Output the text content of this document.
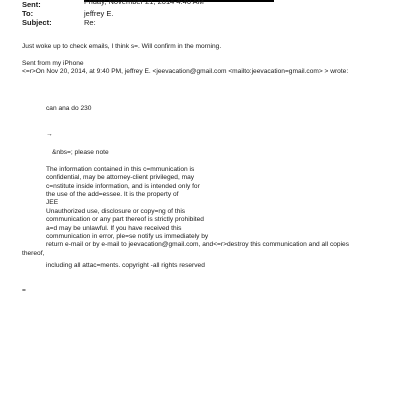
Sent:	Friday, November 21, 2014 4:40 AM
To:	jeffrey E.
Subject:	Re:
Just woke up to check emails, I think s=. Will confirm in the morning.
Sent from my iPhone
<=r>On Nov 20, 2014, at 9:40 PM, jeffrey E. <jeevacation@gmail.com <mailto:jeevacation=gmail.com> > wrote:
can ana do 230
→
&nbs=; please note
The information contained in this c=mmunication is
confidential, may be attorney-client privileged, may
c=nstitute inside information, and is intended only for
the use of the add=essee. It is the property of
JEE
Unauthorized use, disclosure or copy=ng of this
communication or any part thereof is strictly prohibited
a=d may be unlawful. If you have received this
communication in error, ple=se notify us immediately by
return e-mail or by e-mail to jeevacation@gmail.com, and<=r>destroy this communication and all copies
thereof,
including all attac=ments. copyright -all rights reserved
=
